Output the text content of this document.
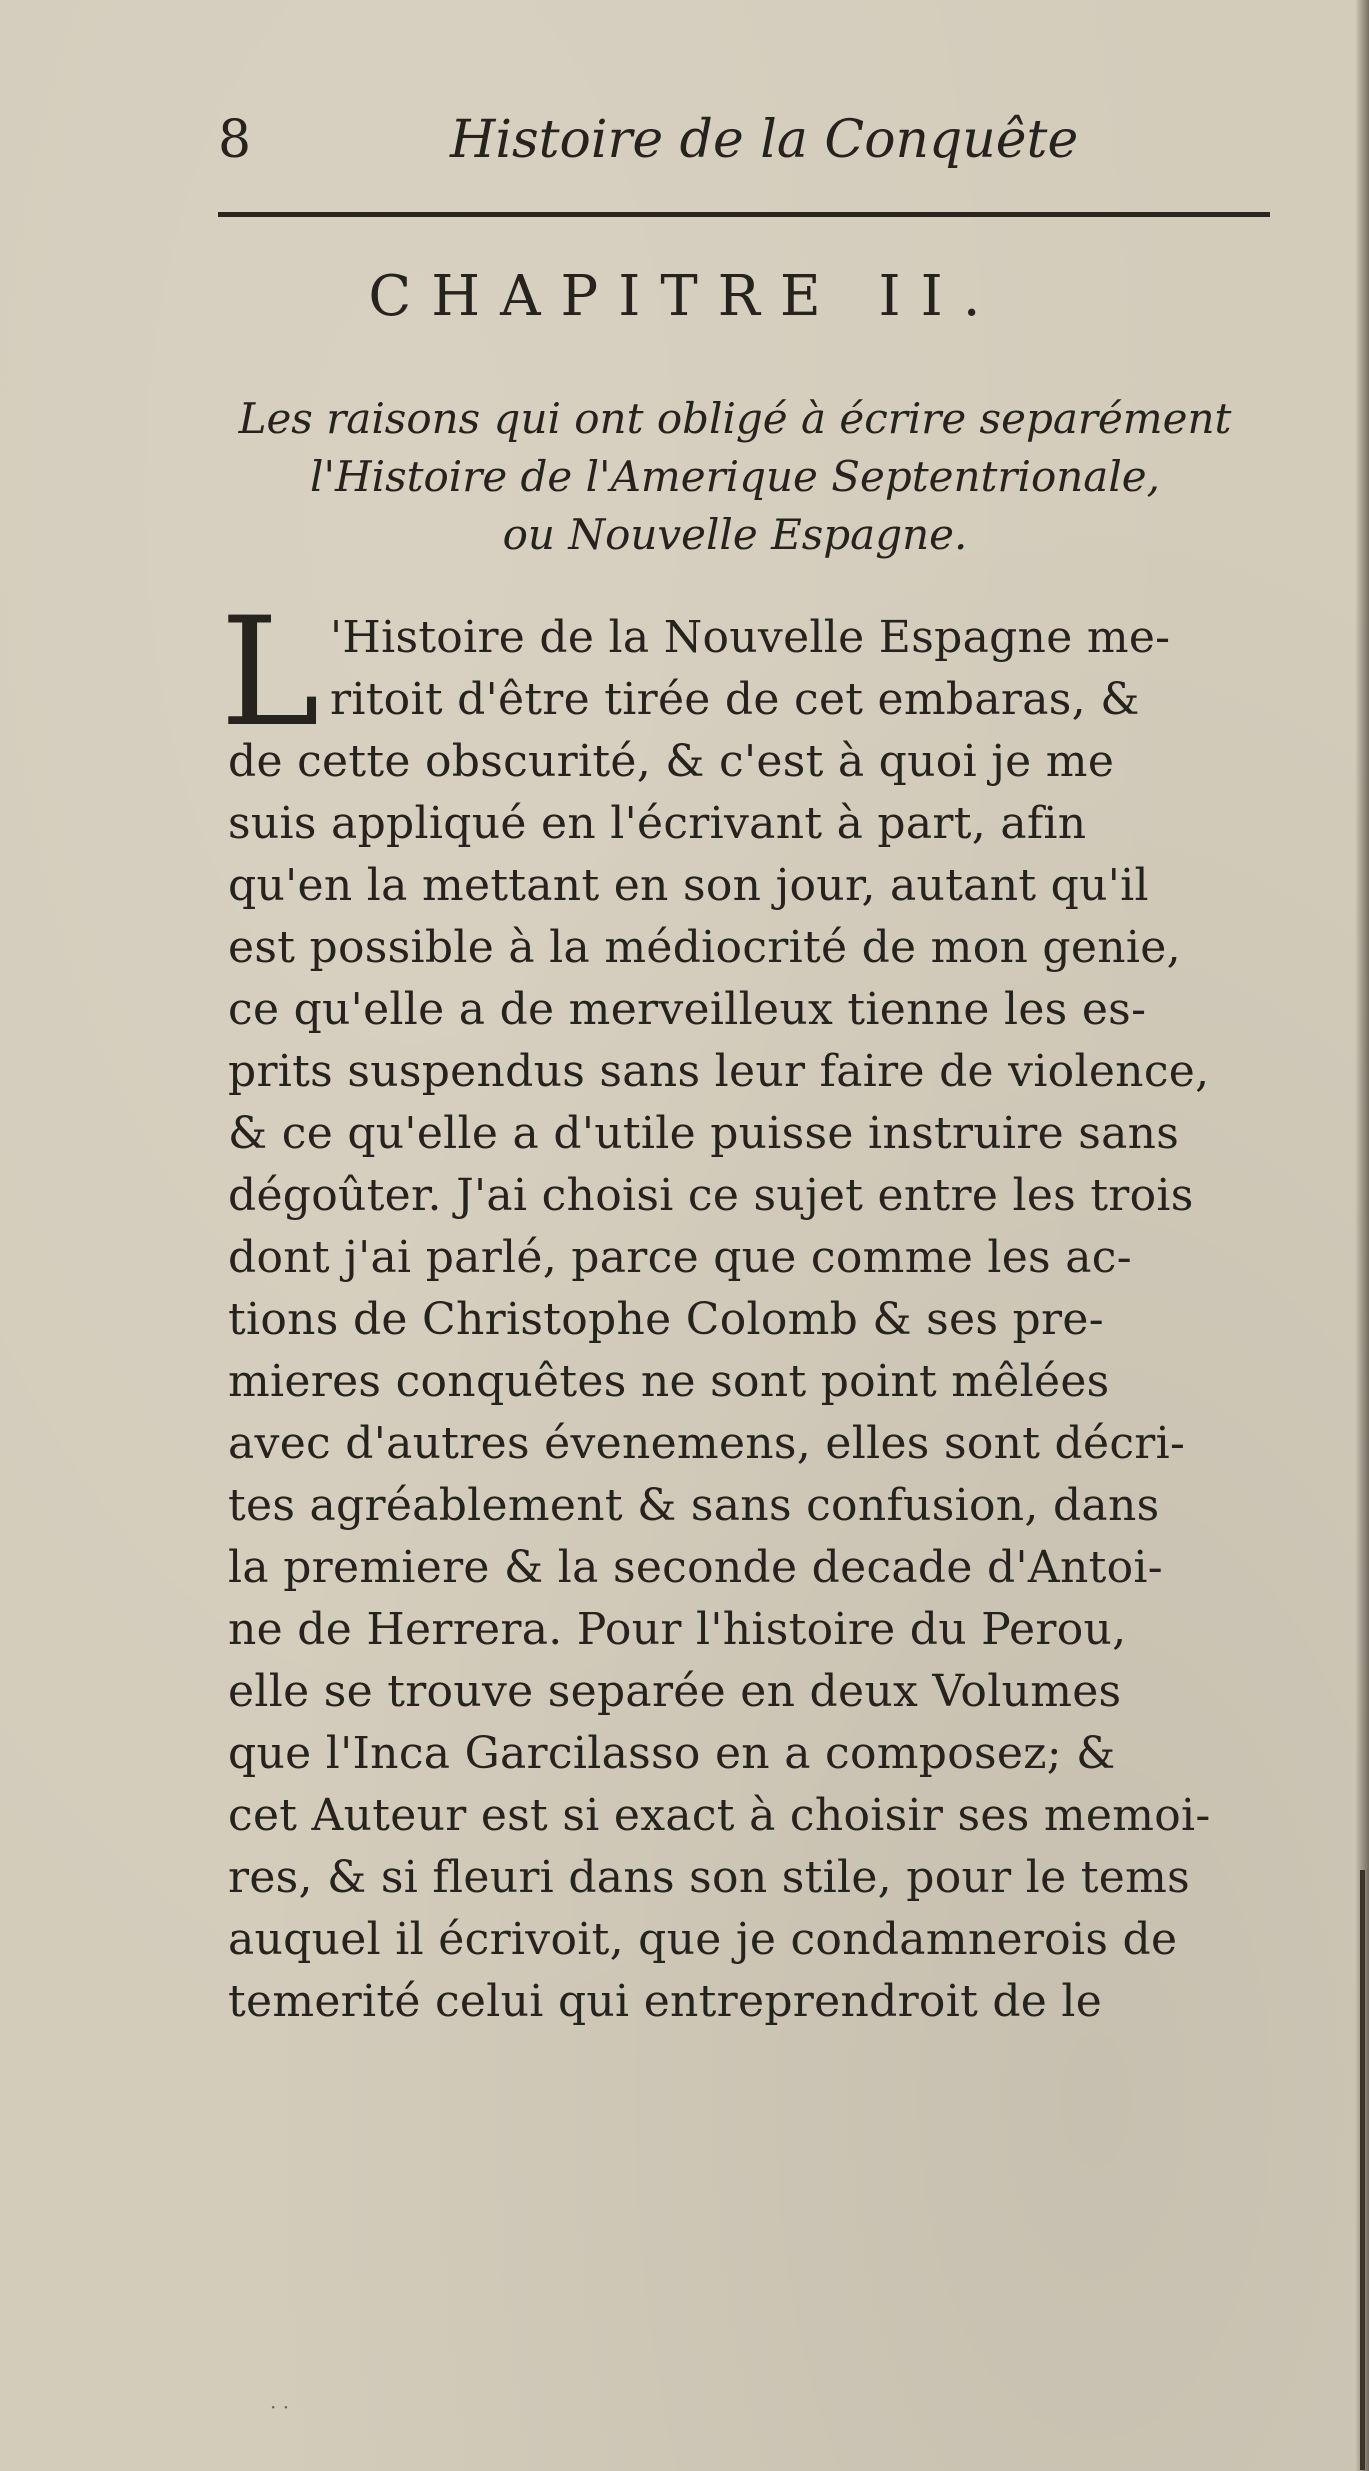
8	Histoire de la Conquête
CHAPITRE II.
Les raisons qui ont obligé à écrire separément
l'Histoire de l'Amerique Septentrionale,
ou Nouvelle Espagne.
L 'Histoire de la Nouvelle Espagne me-
ritoit d'être tirée de cet embaras, &
de cette obscurité, & c'est à quoi je me
suis appliqué en l'écrivant à part, afin
qu'en la mettant en son jour, autant qu'il
est possible à la médiocrité de mon genie,
ce qu'elle a de merveilleux tienne les es-
prits suspendus sans leur faire de violence,
& ce qu'elle a d'utile puisse instruire sans
dégoûter. J'ai choisi ce sujet entre les trois
dont j'ai parlé, parce que comme les ac-
tions de Christophe Colomb & ses pre-
mieres conquêtes ne sont point mêlées
avec d'autres évenemens, elles sont décri-
tes agréablement & sans confusion, dans
la premiere & la seconde decade d'Antoi-
ne de Herrera. Pour l'histoire du Perou,
elle se trouve separée en deux Volumes
que l'Inca Garcilasso en a composez; &
cet Auteur est si exact à choisir ses memoi-
res, & si fleuri dans son stile, pour le tems
auquel il écrivoit, que je condamnerois de
temerité celui qui entreprendroit de le
· ·
